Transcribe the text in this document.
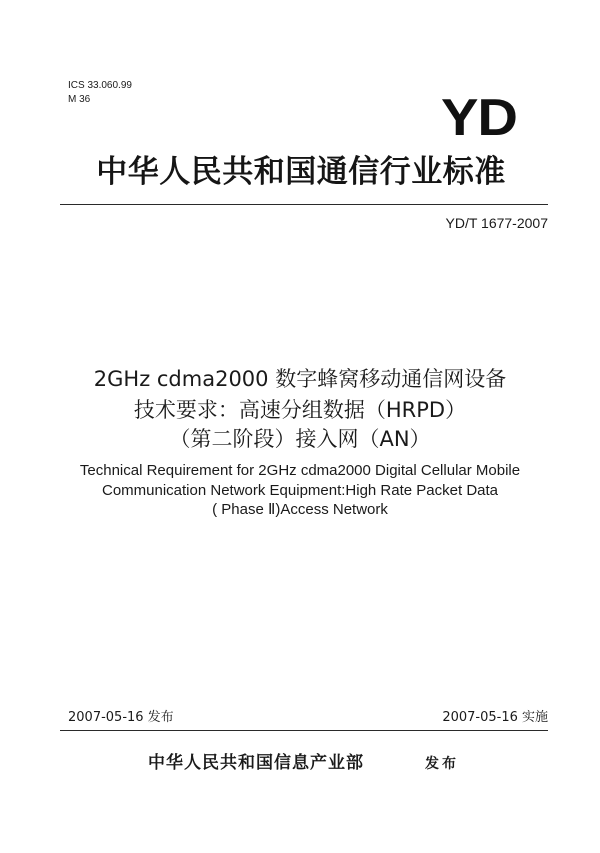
ICS 33.060.99
M 36	YD
中华人民共和国通信行业标准
YD/T 1677-2007
2GHz cdma2000 数字蜂窝移动通信网设备
技术要求：高速分组数据（HRPD）
（第二阶段）接入网（AN）
Technical Requirement for 2GHz cdma2000 Digital Cellular Mobile
Communication Network Equipment:High Rate Packet Data
( Phase Ⅱ)Access Network
2007-05-16 发布	2007-05-16 实施
中华人民共和国信息产业部	发布
